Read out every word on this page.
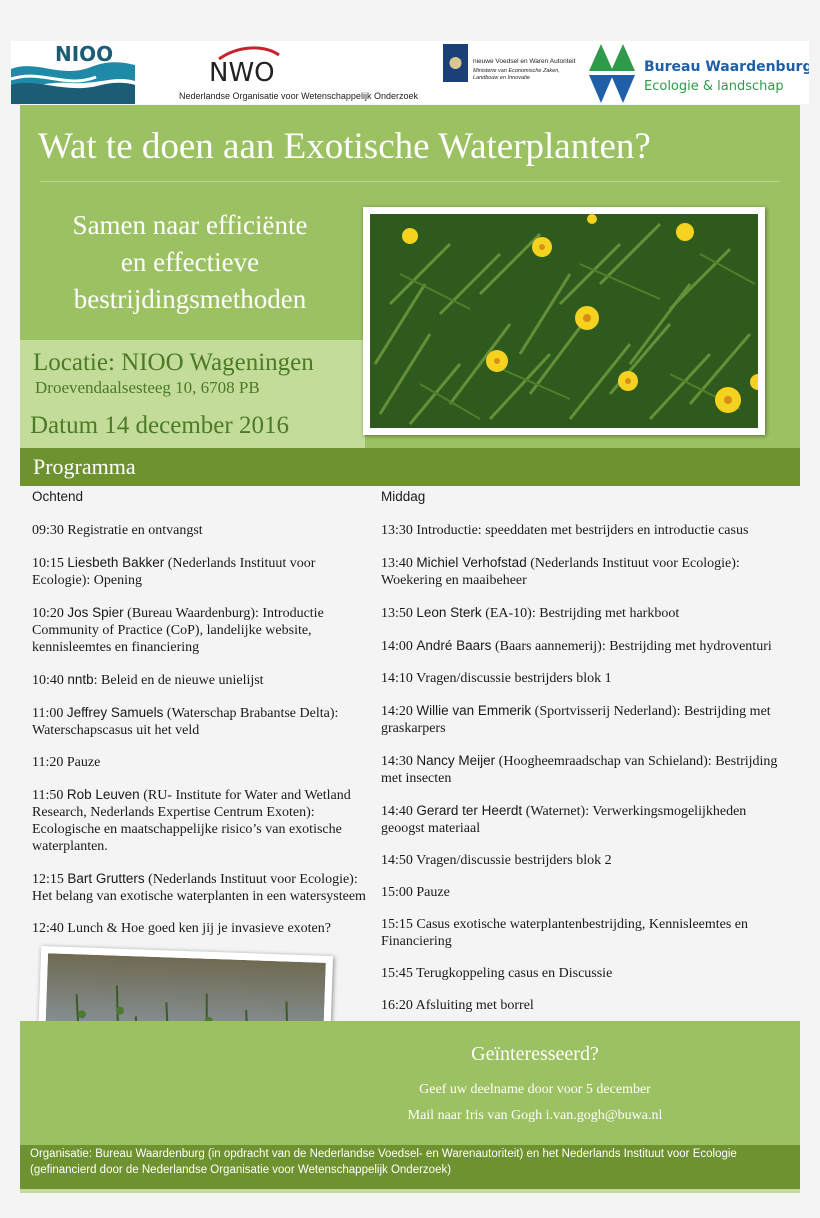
NIOO
NWO
Nederlandse Organisatie voor Wetenschappelijk Onderzoek
nieuwe Voedsel en Waren Autoriteit
Ministerie van Economische Zaken,
Landbouw en Innovatie
Bureau Waardenburg
Ecologie & landschap
Wat te doen aan Exotische Waterplanten?
Samen naar efficiënte
en effectieve
bestrijdingsmethoden
Locatie: NIOO Wageningen
Droevendaalsesteeg 10, 6708 PB
Datum 14 december 2016
Programma
Ochtend
09:30 Registratie en ontvangst
10:15 Liesbeth Bakker (Nederlands Instituut voor Ecologie): Opening
10:20 Jos Spier (Bureau Waardenburg): Introductie Community of Practice (CoP), landelijke website, kennisleemtes en financiering
10:40 nntb: Beleid en de nieuwe unielijst
11:00 Jeffrey Samuels (Waterschap Brabantse Delta): Waterschapscasus uit het veld
11:20 Pauze
11:50 Rob Leuven (RU- Institute for Water and Wetland Research, Nederlands Expertise Centrum Exoten): Ecologische en maatschappelijke risico’s van exotische waterplanten.
12:15 Bart Grutters (Nederlands Instituut voor Ecologie): Het belang van exotische waterplanten in een watersysteem
12:40 Lunch & Hoe goed ken jij je invasieve exoten?
Middag
13:30 Introductie: speeddaten met bestrijders en introductie casus
13:40 Michiel Verhofstad (Nederlands Instituut voor Ecologie): Woekering en maaibeheer
13:50 Leon Sterk (EA-10): Bestrijding met harkboot
14:00 André Baars (Baars aannemerij): Bestrijding met hydroventuri
14:10 Vragen/discussie bestrijders blok 1
14:20 Willie van Emmerik (Sportvisserij Nederland): Bestrijding met graskarpers
14:30 Nancy Meijer (Hoogheemraadschap van Schieland): Bestrijding met insecten
14:40 Gerard ter Heerdt (Waternet): Verwerkingsmogelijkheden geoogst materiaal
14:50 Vragen/discussie bestrijders blok 2
15:00 Pauze
15:15 Casus exotische waterplantenbestrijding, Kennisleemtes en Financiering
15:45 Terugkoppeling casus en Discussie
16:20 Afsluiting met borrel
Geïnteresseerd?
Geef uw deelname door voor 5 december
Mail naar Iris van Gogh i.van.gogh@buwa.nl
Organisatie: Bureau Waardenburg (in opdracht van de Nederlandse Voedsel- en Warenautoriteit) en het Nederlands Instituut voor Ecologie (gefinancierd door de Nederlandse Organisatie voor Wetenschappelijk Onderzoek)
